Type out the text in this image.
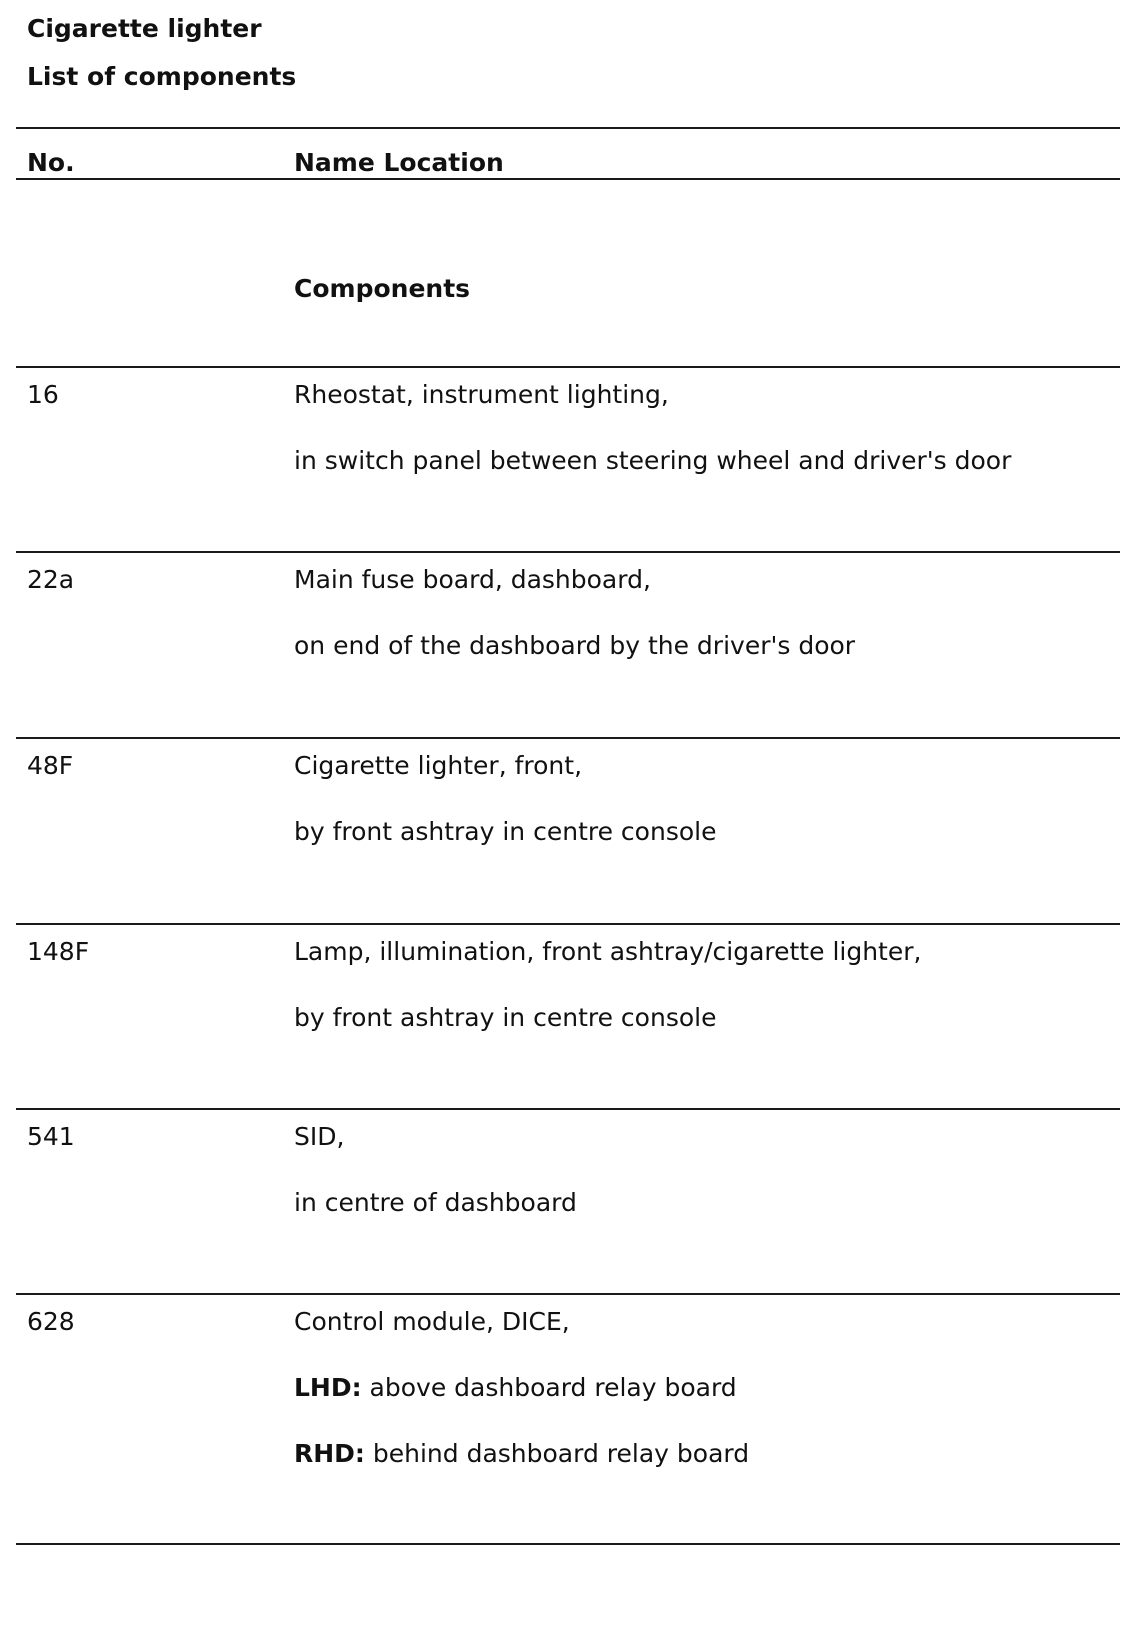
Cigarette lighter
List of components
No.	Name Location
Components
16	Rheostat, instrument lighting,
in switch panel between steering wheel and driver's door
22a	Main fuse board, dashboard,
on end of the dashboard by the driver's door
48F	Cigarette lighter, front,
by front ashtray in centre console
148F	Lamp, illumination, front ashtray/cigarette lighter,
by front ashtray in centre console
541	SID,
in centre of dashboard
628	Control module, DICE,
LHD: above dashboard relay board
RHD: behind dashboard relay board
